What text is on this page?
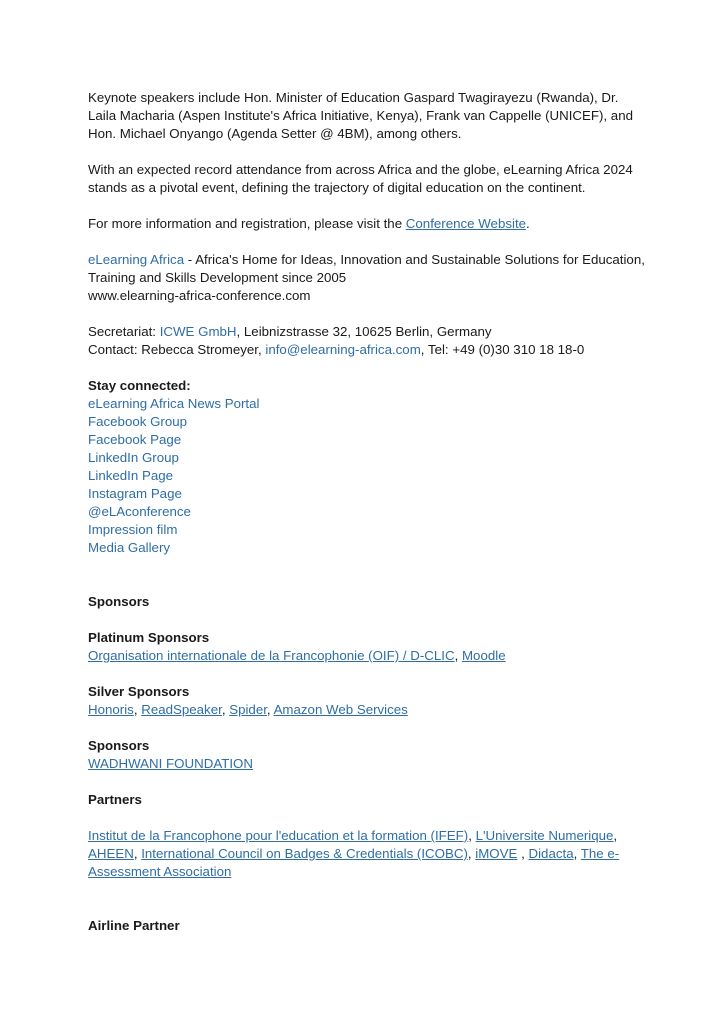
Keynote speakers include Hon. Minister of Education Gaspard Twagirayezu (Rwanda), Dr. Laila Macharia (Aspen Institute's Africa Initiative, Kenya), Frank van Cappelle (UNICEF), and Hon. Michael Onyango (Agenda Setter @ 4BM), among others.

With an expected record attendance from across Africa and the globe, eLearning Africa 2024 stands as a pivotal event, defining the trajectory of digital education on the continent.

For more information and registration, please visit the Conference Website.

eLearning Africa - Africa's Home for Ideas, Innovation and Sustainable Solutions for Education, Training and Skills Development since 2005

www.elearning-africa-conference.com

Secretariat: ICWE GmbH, Leibnizstrasse 32, 10625 Berlin, Germany

Contact: Rebecca Stromeyer, info@elearning-africa.com, Tel: +49 (0)30 310 18 18-0

Stay connected:

eLearning Africa News Portal

Facebook Group

Facebook Page

LinkedIn Group

LinkedIn Page

Instagram Page

@eLAconference

Impression film

Media Gallery

Sponsors

Platinum Sponsors

Organisation internationale de la Francophonie (OIF) / D-CLIC, Moodle

Silver Sponsors

Honoris, ReadSpeaker, Spider, Amazon Web Services

Sponsors

WADHWANI FOUNDATION

Partners

Institut de la Francophone pour l'education et la formation (IFEF), L'Universite Numerique, AHEEN, International Council on Badges & Credentials (ICOBC), iMOVE , Didacta, The e-Assessment Association

Airline Partner
